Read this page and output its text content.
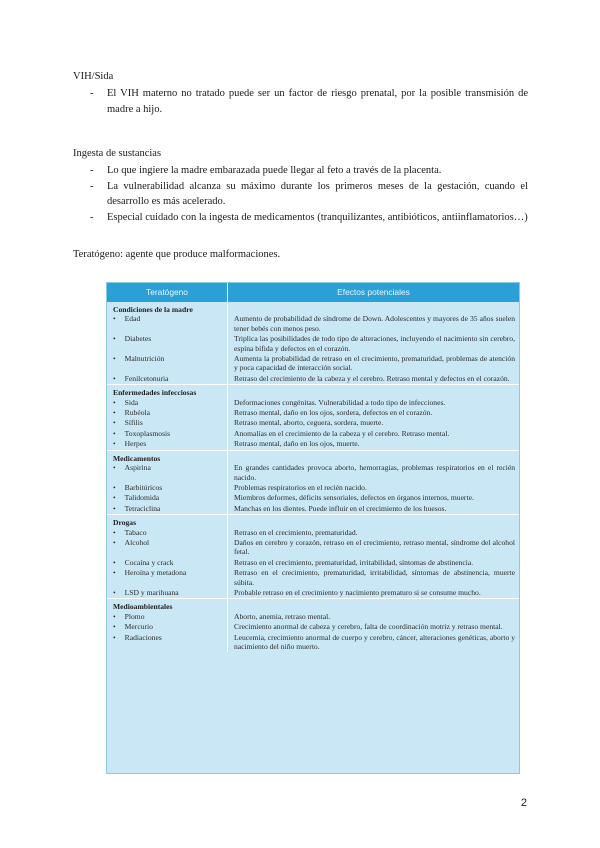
VIH/Sida
- El VIH materno no tratado puede ser un factor de riesgo prenatal, por la posible transmisión de madre a hijo.
Ingesta de sustancias
- Lo que ingiere la madre embarazada puede llegar al feto a través de la placenta.
- La vulnerabilidad alcanza su máximo durante los primeros meses de la gestación, cuando el desarrollo es más acelerado.
- Especial cuidado con la ingesta de medicamentos (tranquilizantes, antibióticos, antiinflamatorios…)
Teratógeno: agente que produce malformaciones.
Teratógeno	Efectos potenciales
Condiciones de la madre	
• Edad	Aumento de probabilidad de síndrome de Down. Adolescentes y mayores de 35 años suelen tener bebés con menos peso.
• Diabetes	Triplica las posibilidades de todo tipo de alteraciones, incluyendo el nacimiento sin cerebro, espina bífida y defectos en el corazón.
• Malnutrición	Aumenta la probabilidad de retraso en el crecimiento, prematuridad, problemas de atención y poca capacidad de interacción social.
• Fenilcetonuria	Retraso del crecimiento de la cabeza y el cerebro. Retraso mental y defectos en el corazón.
Enfermedades infecciosas	
• Sida	Deformaciones congénitas. Vulnerabilidad a todo tipo de infecciones.
• Rubéola	Retraso mental, daño en los ojos, sordera, defectos en el corazón.
• Sífilis	Retraso mental, aborto, ceguera, sordera, muerte.
• Toxoplasmosis	Anomalías en el crecimiento de la cabeza y el cerebro. Retraso mental.
• Herpes	Retraso mental, daño en los ojos, muerte.
Medicamentos	
• Aspirina	En grandes cantidades provoca aborto, hemorragias, problemas respiratorios en el recién nacido.
• Barbitúricos	Problemas respiratorios en el recién nacido.
• Talidomida	Miembros deformes, déficits sensoriales, defectos en órganos internos, muerte.
• Tetraciclina	Manchas en los dientes. Puede influir en el crecimiento de los huesos.
Drogas	
• Tabaco	Retraso en el crecimiento, prematuridad.
• Alcohol	Daños en cerebro y corazón, retraso en el crecimiento, retraso mental, síndrome del alcohol fetal.
• Cocaína y crack	Retraso en el crecimiento, prematuridad, irritabilidad, síntomas de abstinencia.
• Heroína y metadona	Retraso en el crecimiento, prematuridad, irritabilidad, síntomas de abstinencia, muerte súbita.
• LSD y marihuana	Probable retraso en el crecimiento y nacimiento prematuro si se consume mucho.
Medioambientales	
• Plomo	Aborto, anemia, retraso mental.
• Mercurio	Crecimiento anormal de cabeza y cerebro, falta de coordinación motriz y retraso mental.
• Radiaciones	Leucemia, crecimiento anormal de cuerpo y cerebro, cáncer, alteraciones genéticas, aborto y nacimiento del niño muerto.
2
